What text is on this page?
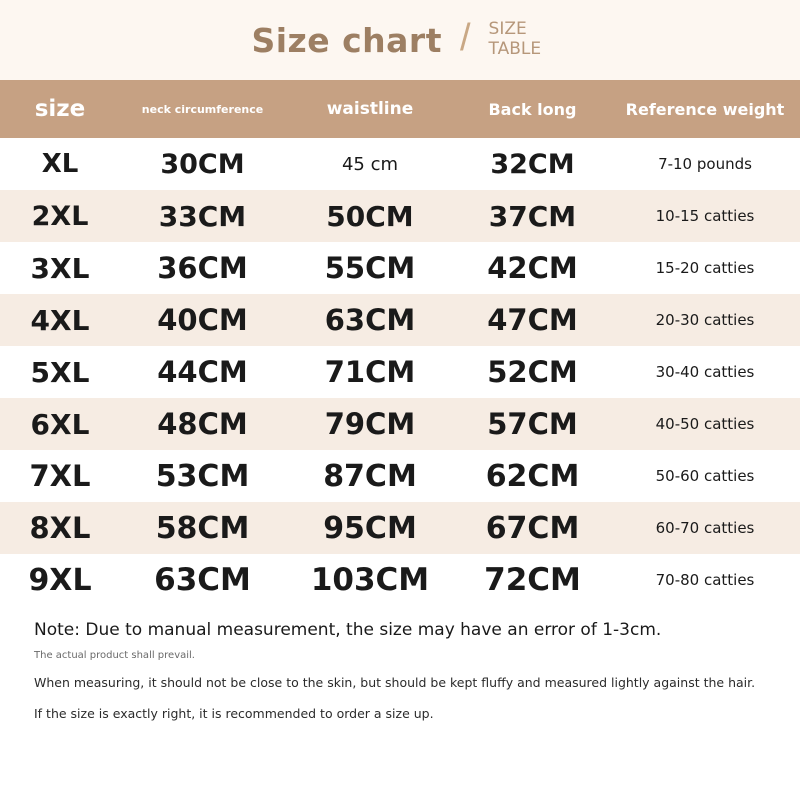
Size chart / SIZE TABLE
size	neck circumference	waistline	Back long	Reference weight
XL	30CM	45 cm	32CM	7-10 pounds
2XL	33CM	50CM	37CM	10-15 catties
3XL	36CM	55CM	42CM	15-20 catties
4XL	40CM	63CM	47CM	20-30 catties
5XL	44CM	71CM	52CM	30-40 catties
6XL	48CM	79CM	57CM	40-50 catties
7XL	53CM	87CM	62CM	50-60 catties
8XL	58CM	95CM	67CM	60-70 catties
9XL	63CM	103CM	72CM	70-80 catties
Note: Due to manual measurement, the size may have an error of 1-3cm.
The actual product shall prevail.
When measuring, it should not be close to the skin, but should be kept fluffy and measured lightly against the hair.
If the size is exactly right, it is recommended to order a size up.
